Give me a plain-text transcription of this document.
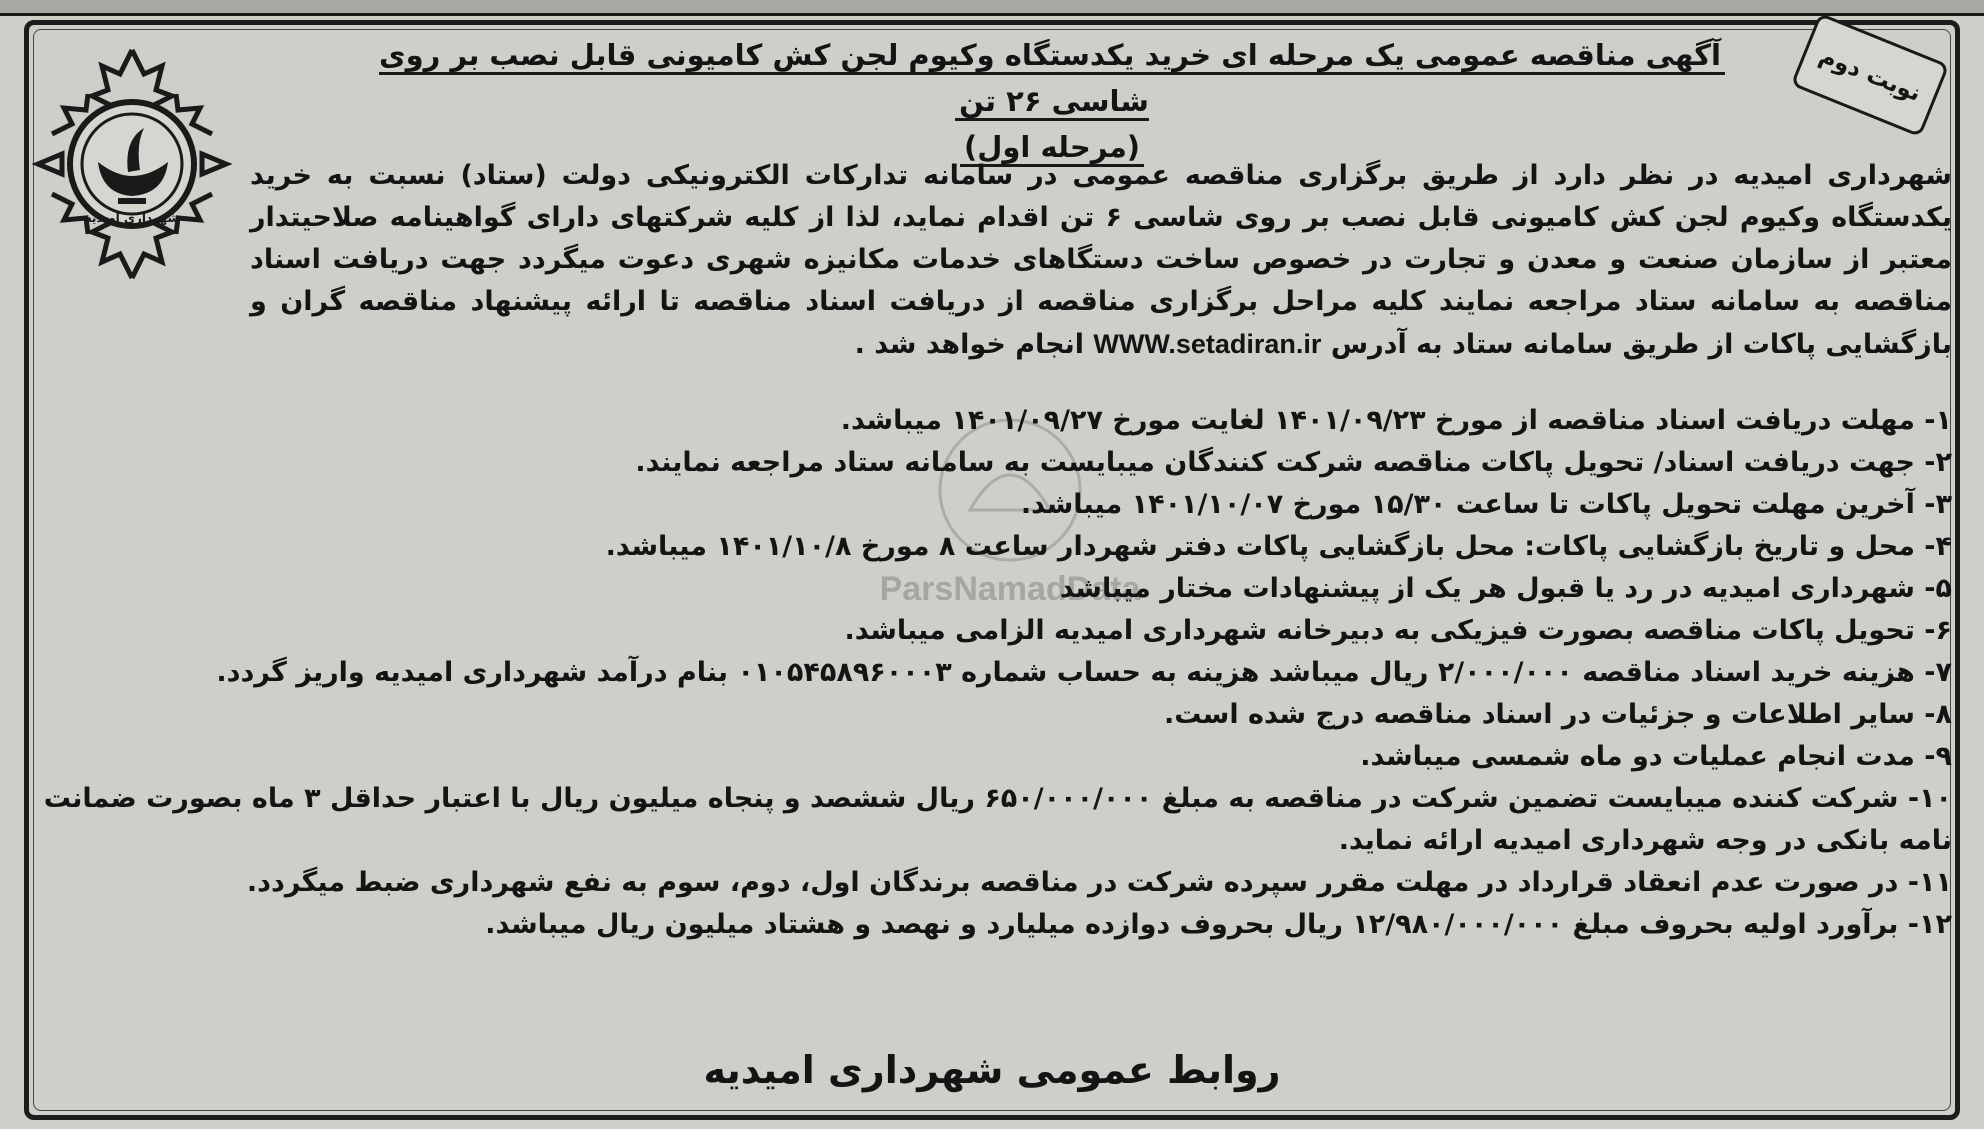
ParsNamadData
شهرداری امیدیه
نوبت دوم
آگهی مناقصه عمومی یک مرحله ای خرید یکدستگاه وکیوم لجن کش کامیونی قابل نصب بر روی شاسی ۲۶ تن
(مرحله اول)
شهرداری امیدیه در نظر دارد از طریق برگزاری مناقصه عمومی در سامانه تدارکات الکترونیکی دولت (ستاد) نسبت به خرید یکدستگاه وکیوم لجن کش کامیونی قابل نصب بر روی شاسی ۶ تن اقدام نماید، لذا از کلیه شرکتهای دارای گواهینامه صلاحیتدار معتبر از سازمان صنعت و معدن و تجارت در خصوص ساخت دستگاهای خدمات مکانیزه شهری دعوت میگردد جهت دریافت اسناد مناقصه به سامانه ستاد مراجعه نمایند کلیه مراحل برگزاری مناقصه از دریافت اسناد مناقصه تا ارائه پیشنهاد مناقصه گران و بازگشایی پاکات از طریق سامانه ستاد به آدرس WWW.setadiran.ir انجام خواهد شد .
۱- مهلت دریافت اسناد مناقصه از مورخ ۱۴۰۱/۰۹/۲۳ لغایت مورخ ۱۴۰۱/۰۹/۲۷ میباشد.
۲- جهت دریافت اسناد/ تحویل پاکات مناقصه شرکت کنندگان میبایست به سامانه ستاد مراجعه نمایند.
۳- آخرین مهلت تحویل پاکات تا ساعت ۱۵/۳۰ مورخ ۱۴۰۱/۱۰/۰۷ میباشد.
۴- محل و تاریخ بازگشایی پاکات: محل بازگشایی پاکات دفتر شهردار ساعت ۸ مورخ ۱۴۰۱/۱۰/۸ میباشد.
۵- شهرداری امیدیه در رد یا قبول هر یک از پیشنهادات مختار میباشد
۶- تحویل پاکات مناقصه بصورت فیزیکی به دبیرخانه شهرداری امیدیه الزامی میباشد.
۷- هزینه خرید اسناد مناقصه ۲/۰۰۰/۰۰۰ ریال میباشد هزینه به حساب شماره ۰۱۰۵۴۵۸۹۶۰۰۰۳ بنام درآمد شهرداری امیدیه واریز گردد.
۸- سایر اطلاعات و جزئیات در اسناد مناقصه درج شده است.
۹- مدت انجام عملیات دو ماه شمسی میباشد.
۱۰- شرکت کننده میبایست تضمین شرکت در مناقصه به مبلغ ۶۵۰/۰۰۰/۰۰۰ ریال ششصد و پنجاه میلیون ریال با اعتبار حداقل ۳ ماه بصورت ضمانت نامه بانکی در وجه شهرداری امیدیه ارائه نماید.
۱۱- در صورت عدم انعقاد قرارداد در مهلت مقرر سپرده شرکت در مناقصه برندگان اول، دوم، سوم به نفع شهرداری ضبط میگردد.
۱۲- برآورد اولیه بحروف مبلغ ۱۲/۹۸۰/۰۰۰/۰۰۰ ریال بحروف دوازده میلیارد و نهصد و هشتاد میلیون ریال میباشد.
روابط عمومی شهرداری امیدیه
